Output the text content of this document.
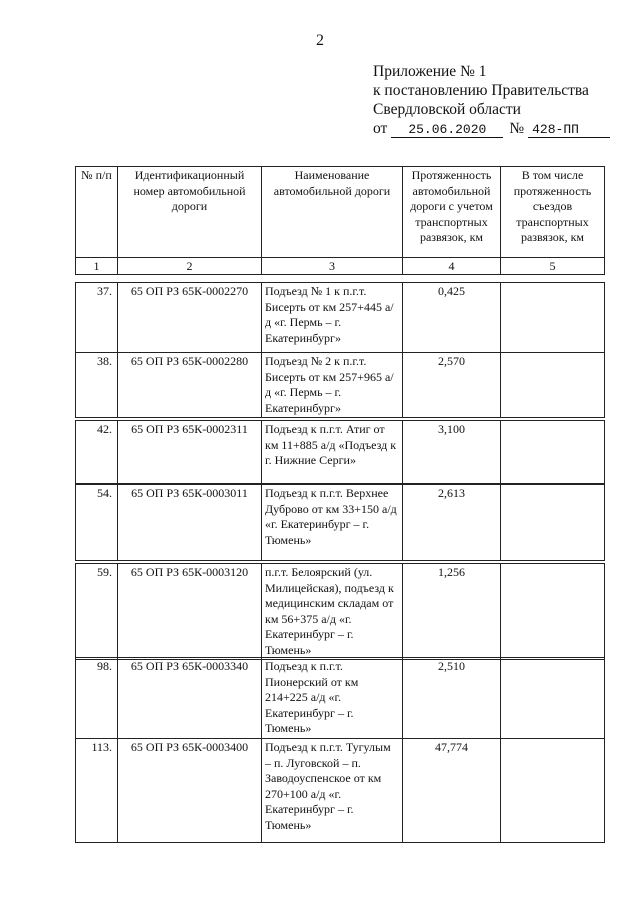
2
Приложение № 1
к постановлению Правительства
Свердловской области
от 25.06.2020 № 428-ПП
№ п/п	Идентификационный номер автомобильной дороги	Наименование автомобильной дороги	Протяженность автомобильной дороги с учетом транспортных развязок, км	В том числе протяженность съездов транспортных развязок, км
1	2	3	4	5
37.	65 ОП РЗ 65К-0002270	Подъезд № 1 к п.г.т. Бисерть от км 257+445 а/д «г. Пермь – г. Екатеринбург»	0,425	
38.	65 ОП РЗ 65К-0002280	Подъезд № 2 к п.г.т. Бисерть от км 257+965 а/д «г. Пермь – г. Екатеринбург»	2,570	
42.	65 ОП РЗ 65К-0002311	Подъезд к п.г.т. Атиг от км 11+885 а/д «Подъезд к г. Нижние Серги»	3,100	
54.	65 ОП РЗ 65К-0003011	Подъезд к п.г.т. Верхнее Дуброво от км 33+150 а/д «г. Екатеринбург – г. Тюмень»	2,613	
59.	65 ОП РЗ 65К-0003120	п.г.т. Белоярский (ул. Милицейская), подъезд к медицинским складам от км 56+375 а/д «г. Екатеринбург – г. Тюмень»	1,256	
98.	65 ОП РЗ 65К-0003340	Подъезд к п.г.т. Пионерский от км 214+225 а/д «г. Екатеринбург – г. Тюмень»	2,510	
113.	65 ОП РЗ 65К-0003400	Подъезд к п.г.т. Тугулым – п. Луговской – п. Заводоуспенское от км 270+100 а/д «г. Екатеринбург – г. Тюмень»	47,774	
